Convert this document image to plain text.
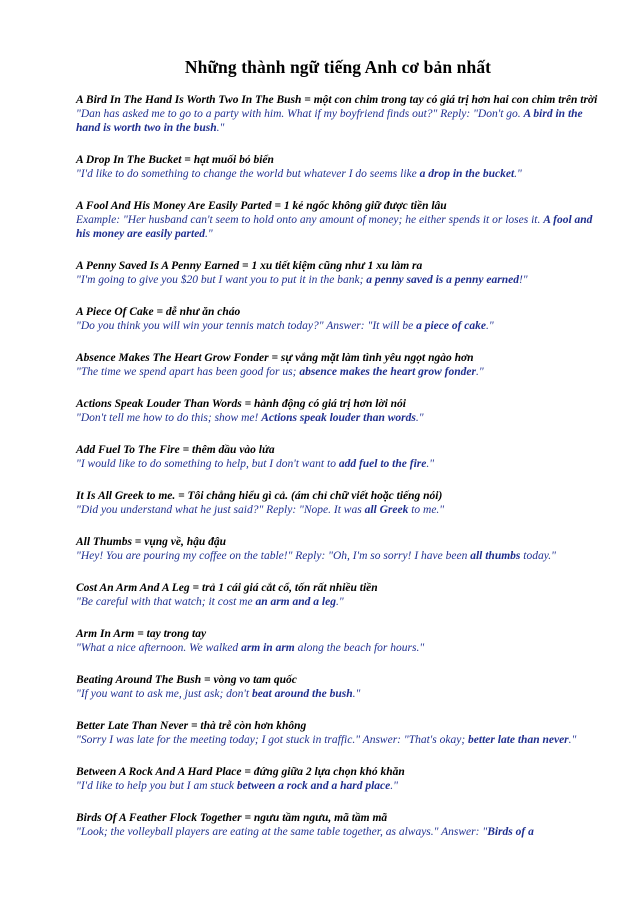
Những thành ngữ tiếng Anh cơ bản nhất

A Bird In The Hand Is Worth Two In The Bush = một con chim trong tay có giá trị hơn hai con chim trên trời
"Dan has asked me to go to a party with him. What if my boyfriend finds out?" Reply: "Don't go. A bird in the hand is worth two in the bush."

A Drop In The Bucket = hạt muối bỏ biển
"I'd like to do something to change the world but whatever I do seems like a drop in the bucket."

A Fool And His Money Are Easily Parted = 1 kẻ ngốc không giữ được tiền lâu
Example: "Her husband can't seem to hold onto any amount of money; he either spends it or loses it. A fool and his money are easily parted."

A Penny Saved Is A Penny Earned = 1 xu tiết kiệm cũng như 1 xu làm ra
"I'm going to give you $20 but I want you to put it in the bank; a penny saved is a penny earned!"

A Piece Of Cake = dễ như ăn cháo
"Do you think you will win your tennis match today?" Answer: "It will be a piece of cake."

Absence Makes The Heart Grow Fonder = sự vắng mặt làm tình yêu ngọt ngào hơn
"The time we spend apart has been good for us; absence makes the heart grow fonder."

Actions Speak Louder Than Words = hành động có giá trị hơn lời nói
"Don't tell me how to do this; show me! Actions speak louder than words."

Add Fuel To The Fire = thêm dầu vào lửa
"I would like to do something to help, but I don't want to add fuel to the fire."

It Is All Greek to me. = Tôi chẳng hiểu gì cả. (ám chỉ chữ viết hoặc tiếng nói)
"Did you understand what he just said?" Reply: "Nope. It was all Greek to me."

All Thumbs = vụng về, hậu đậu
"Hey! You are pouring my coffee on the table!" Reply: "Oh, I'm so sorry! I have been all thumbs today."

Cost An Arm And A Leg = trả 1 cái giá cắt cổ, tốn rất nhiều tiền
"Be careful with that watch; it cost me an arm and a leg."

Arm In Arm = tay trong tay
"What a nice afternoon. We walked arm in arm along the beach for hours."

Beating Around The Bush = vòng vo tam quốc
"If you want to ask me, just ask; don't beat around the bush."

Better Late Than Never = thà trễ còn hơn không
"Sorry I was late for the meeting today; I got stuck in traffic." Answer: "That's okay; better late than never."

Between A Rock And A Hard Place = đứng giữa 2 lựa chọn khó khăn
"I'd like to help you but I am stuck between a rock and a hard place."

Birds Of A Feather Flock Together = ngưu tầm ngưu, mã tầm mã
"Look; the volleyball players are eating at the same table together, as always." Answer: "Birds of a
